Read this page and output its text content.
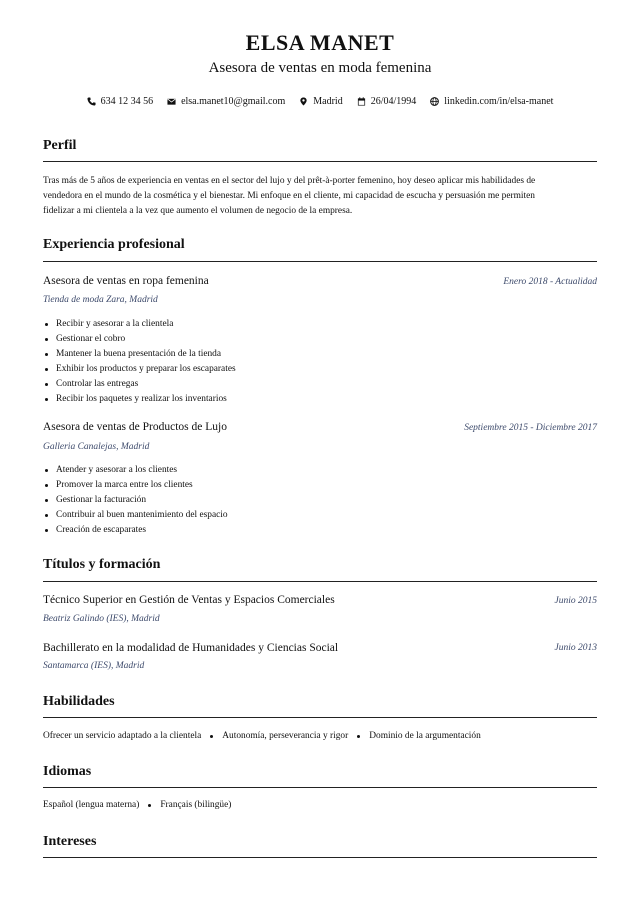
ELSA MANET
Asesora de ventas en moda femenina
634 12 34 56	elsa.manet10@gmail.com	Madrid	26/04/1994	linkedin.com/in/elsa-manet
Perfil
Tras más de 5 años de experiencia en ventas en el sector del lujo y del prêt-à-porter femenino, hoy deseo aplicar mis habilidades de
vendedora en el mundo de la cosmética y el bienestar. Mi enfoque en el cliente, mi capacidad de escucha y persuasión me permiten
fidelizar a mi clientela a la vez que aumento el volumen de negocio de la empresa.
Experiencia profesional
Asesora de ventas en ropa femenina	Enero 2018 - Actualidad
Tienda de moda Zara, Madrid
Recibir y asesorar a la clientela
Gestionar el cobro
Mantener la buena presentación de la tienda
Exhibir los productos y preparar los escaparates
Controlar las entregas
Recibir los paquetes y realizar los inventarios
Asesora de ventas de Productos de Lujo	Septiembre 2015 - Diciembre 2017
Galleria Canalejas, Madrid
Atender y asesorar a los clientes
Promover la marca entre los clientes
Gestionar la facturación
Contribuir al buen mantenimiento del espacio
Creación de escaparates
Títulos y formación
Técnico Superior en Gestión de Ventas y Espacios Comerciales	Junio 2015
Beatriz Galindo (IES), Madrid
Bachillerato en la modalidad de Humanidades y Ciencias Social	Junio 2013
Santamarca (IES), Madrid
Habilidades
Ofrecer un servicio adaptado a la clientela Autonomía, perseverancia y rigor Dominio de la argumentación
Idiomas
Español (lengua materna) Français (bilingüe)
Intereses
